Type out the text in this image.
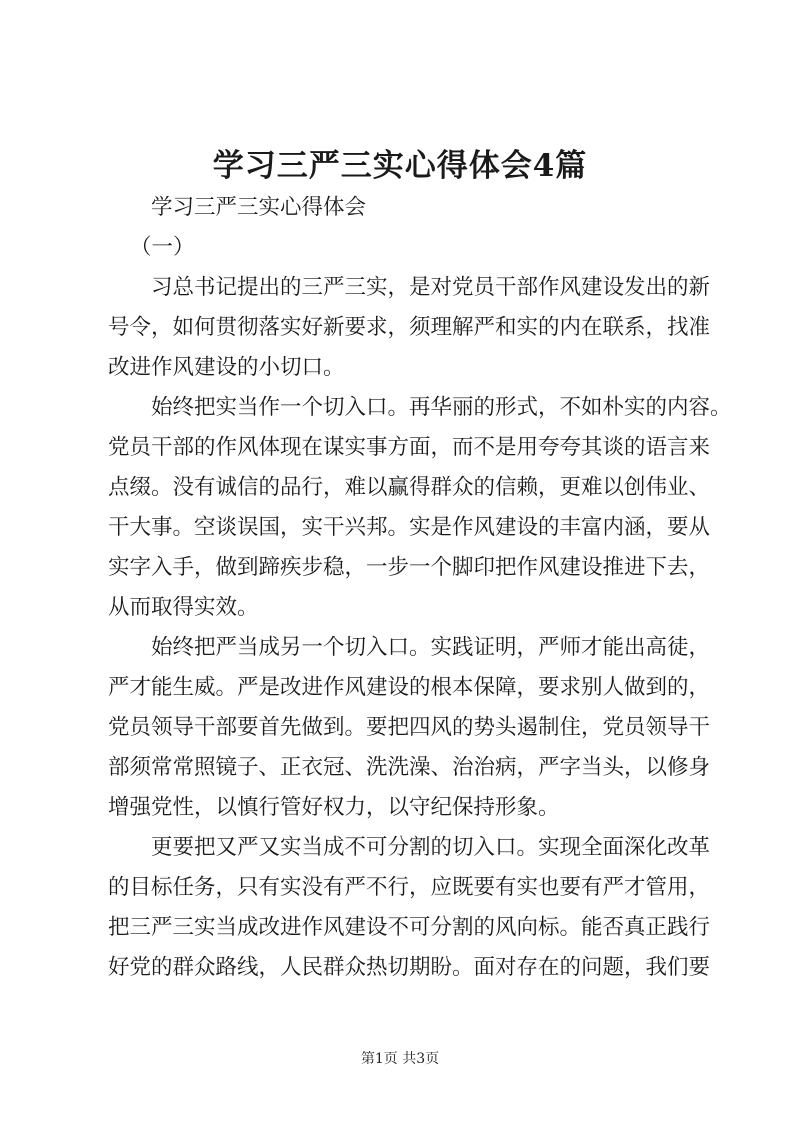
学习三严三实心得体会4篇
学习三严三实心得体会
（一）
习总书记提出的三严三实，是对党员干部作风建设发出的新
号令，如何贯彻落实好新要求，须理解严和实的内在联系，找准
改进作风建设的小切口。
始终把实当作一个切入口。再华丽的形式，不如朴实的内容。
党员干部的作风体现在谋实事方面，而不是用夸夸其谈的语言来
点缀。没有诚信的品行，难以赢得群众的信赖，更难以创伟业、
干大事。空谈误国，实干兴邦。实是作风建设的丰富内涵，要从
实字入手，做到蹄疾步稳，一步一个脚印把作风建设推进下去，
从而取得实效。
始终把严当成另一个切入口。实践证明，严师才能出高徒，
严才能生威。严是改进作风建设的根本保障，要求别人做到的，
党员领导干部要首先做到。要把四风的势头遏制住，党员领导干
部须常常照镜子、正衣冠、洗洗澡、治治病，严字当头，以修身
增强党性，以慎行管好权力，以守纪保持形象。
更要把又严又实当成不可分割的切入口。实现全面深化改革
的目标任务，只有实没有严不行，应既要有实也要有严才管用，
把三严三实当成改进作风建设不可分割的风向标。能否真正践行
好党的群众路线，人民群众热切期盼。面对存在的问题，我们要
第1页 共3页
